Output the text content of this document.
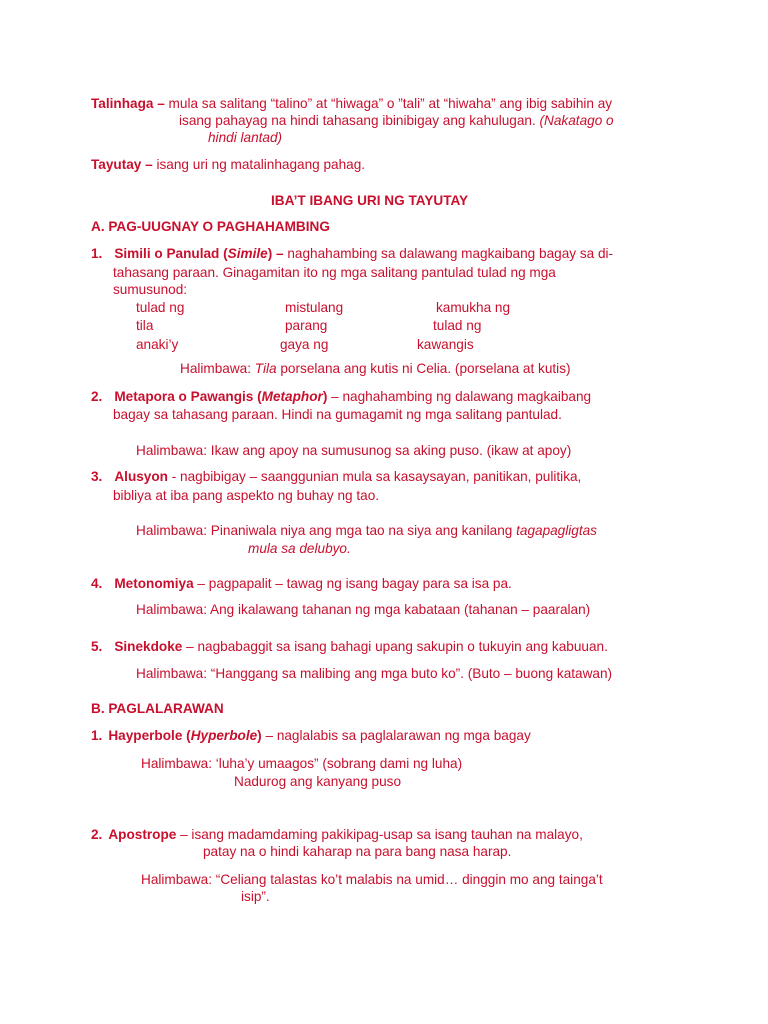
Talinhaga – mula sa salitang “talino” at “hiwaga” o ”tali” at “hiwaha” ang ibig sabihin ay
isang pahayag na hindi tahasang ibinibigay ang kahulugan. (Nakatago o
hindi lantad)
Tayutay – isang uri ng matalinhagang pahag.
IBA’T IBANG URI NG TAYUTAY
A. PAG-UUGNAY O PAGHAHAMBING
1. Simili o Panulad (Simile) – naghahambing sa dalawang magkaibang bagay sa di-
tahasang paraan. Ginagamitan ito ng mga salitang pantulad tulad ng mga
sumusunod:
tulad ng	mistulang	kamukha ng
tila	parang	tulad ng
anaki’y	gaya ng	kawangis
Halimbawa: Tila porselana ang kutis ni Celia. (porselana at kutis)
2. Metapora o Pawangis (Metaphor) – naghahambing ng dalawang magkaibang
bagay sa tahasang paraan. Hindi na gumagamit ng mga salitang pantulad.
Halimbawa: Ikaw ang apoy na sumusunog sa aking puso. (ikaw at apoy)
3. Alusyon - nagbibigay – saanggunian mula sa kasaysayan, panitikan, pulitika,
bibliya at iba pang aspekto ng buhay ng tao.
Halimbawa: Pinaniwala niya ang mga tao na siya ang kanilang tagapagligtas
mula sa delubyo.
4. Metonomiya – pagpapalit – tawag ng isang bagay para sa isa pa.
Halimbawa: Ang ikalawang tahanan ng mga kabataan (tahanan – paaralan)
5. Sinekdoke – nagbabaggit sa isang bahagi upang sakupin o tukuyin ang kabuuan.
Halimbawa: “Hanggang sa malibing ang mga buto ko”. (Buto – buong katawan)
B. PAGLALARAWAN
1. Hayperbole (Hyperbole) – naglalabis sa paglalarawan ng mga bagay
Halimbawa: ‘luha’y umaagos” (sobrang dami ng luha)
Nadurog ang kanyang puso
2. Apostrope – isang madamdaming pakikipag-usap sa isang tauhan na malayo,
patay na o hindi kaharap na para bang nasa harap.
Halimbawa: “Celiang talastas ko’t malabis na umid… dinggin mo ang tainga’t
isip”.
